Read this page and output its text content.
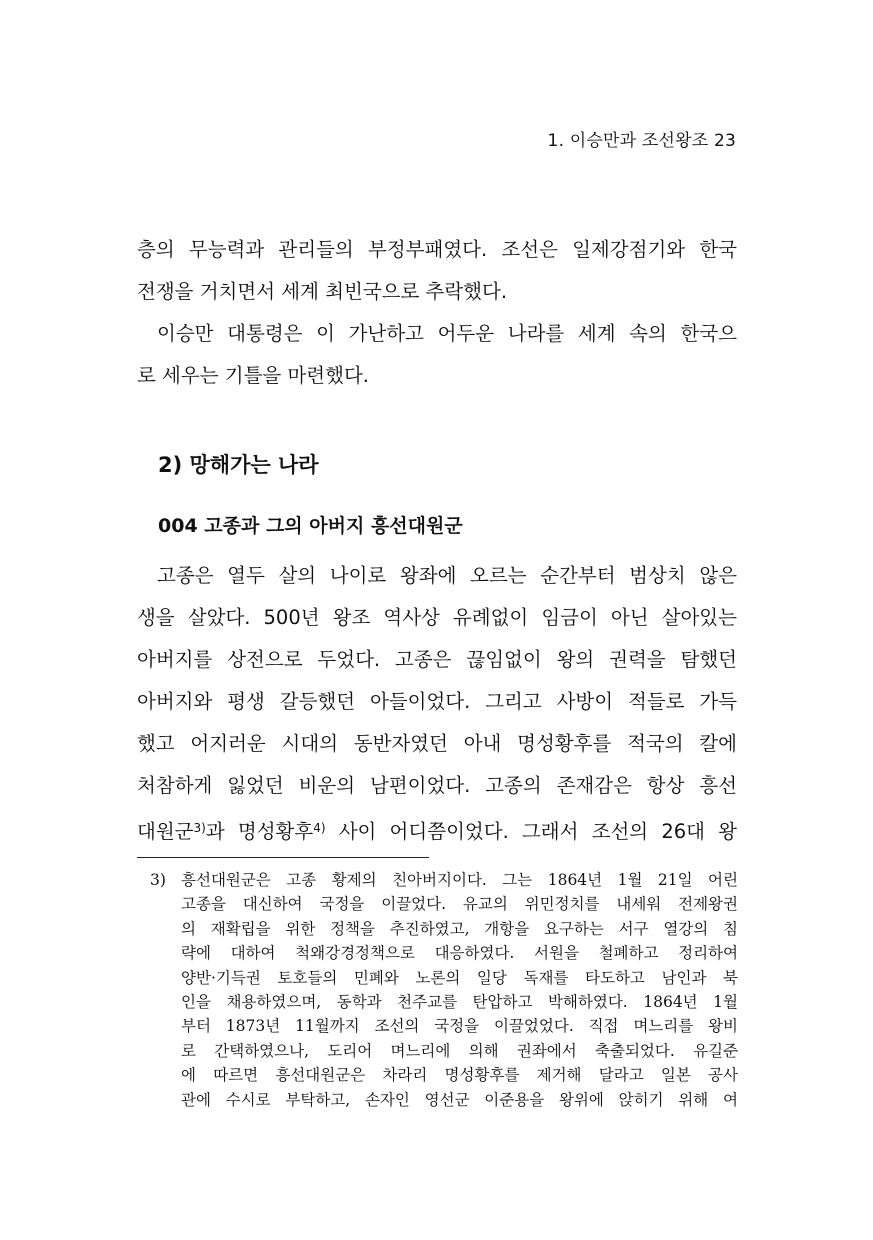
1. 이승만과 조선왕조 23
층의 무능력과 관리들의 부정부패였다. 조선은 일제강점기와 한국
전쟁을 거치면서 세계 최빈국으로 추락했다.
이승만 대통령은 이 가난하고 어두운 나라를 세계 속의 한국으
로 세우는 기틀을 마련했다.
2) 망해가는 나라
004 고종과 그의 아버지 흥선대원군
고종은 열두 살의 나이로 왕좌에 오르는 순간부터 범상치 않은
생을 살았다. 500년 왕조 역사상 유례없이 임금이 아닌 살아있는
아버지를 상전으로 두었다. 고종은 끊임없이 왕의 권력을 탐했던
아버지와 평생 갈등했던 아들이었다. 그리고 사방이 적들로 가득
했고 어지러운 시대의 동반자였던 아내 명성황후를 적국의 칼에
처참하게 잃었던 비운의 남편이었다. 고종의 존재감은 항상 흥선
대원군$^{3)}$과 명성황후$^{4)}$ 사이 어디쯤이었다. 그래서 조선의 26대 왕
3) 흥선대원군은 고종 황제의 친아버지이다. 그는 1864년 1월 21일 어린
고종을 대신하여 국정을 이끌었다. 유교의 위민정치를 내세워 전제왕권
의 재확립을 위한 정책을 추진하였고, 개항을 요구하는 서구 열강의 침
략에 대하여 척왜강경정책으로 대응하였다. 서원을 철폐하고 정리하여
양반·기득권 토호들의 민폐와 노론의 일당 독재를 타도하고 남인과 북
인을 채용하였으며, 동학과 천주교를 탄압하고 박해하였다. 1864년 1월
부터 1873년 11월까지 조선의 국정을 이끌었었다. 직접 며느리를 왕비
로 간택하였으나, 도리어 며느리에 의해 권좌에서 축출되었다. 유길준
에 따르면 흥선대원군은 차라리 명성황후를 제거해 달라고 일본 공사
관에 수시로 부탁하고, 손자인 영선군 이준용을 왕위에 앉히기 위해 여
